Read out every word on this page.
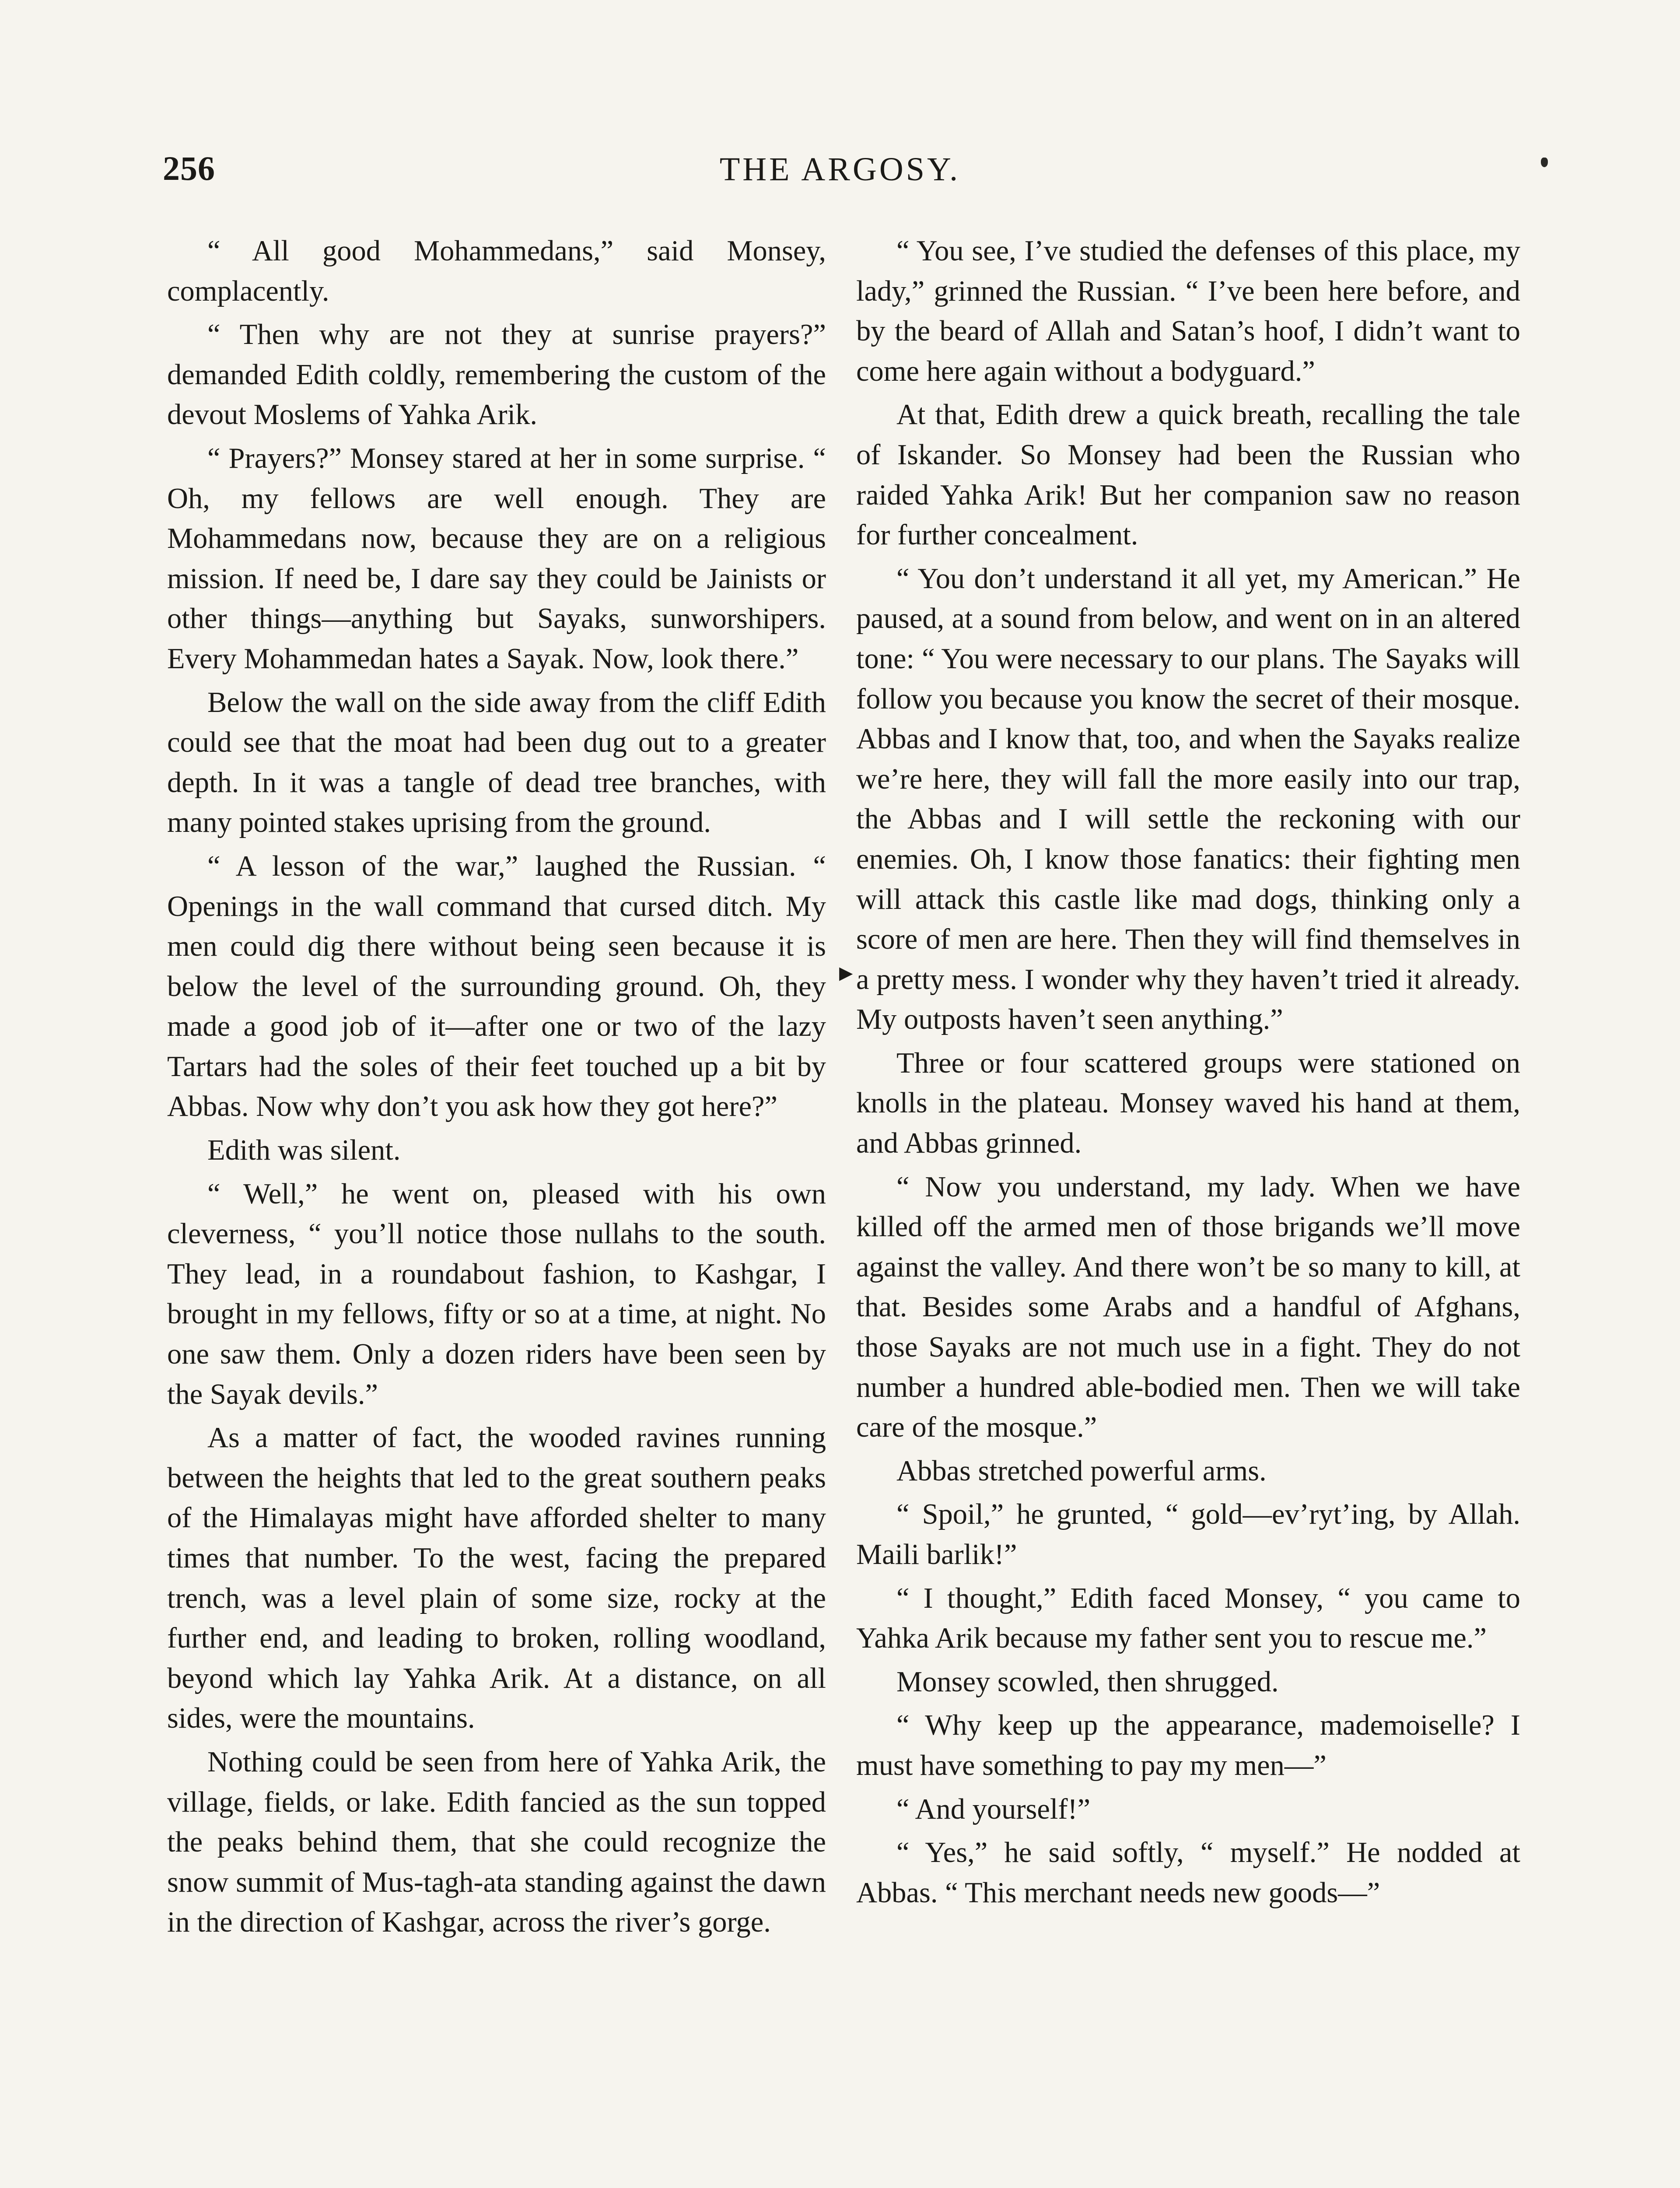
256	THE ARGOSY.

“ All good Mohammedans,” said Monsey, complacently.

“ Then why are not they at sunrise prayers?” demanded Edith coldly, remembering the custom of the devout Moslems of Yahka Arik.

“ Prayers?” Monsey stared at her in some surprise. “ Oh, my fellows are well enough. They are Mohammedans now, because they are on a religious mission. If need be, I dare say they could be Jainists or other things—anything but Sayaks, sunworshipers. Every Mohammedan hates a Sayak. Now, look there.”

Below the wall on the side away from the cliff Edith could see that the moat had been dug out to a greater depth. In it was a tangle of dead tree branches, with many pointed stakes uprising from the ground.

“ A lesson of the war,” laughed the Russian. “ Openings in the wall command that cursed ditch. My men could dig there without being seen because it is below the level of the surrounding ground. Oh, they made a good job of it—after one or two of the lazy Tartars had the soles of their feet touched up a bit by Abbas. Now why don’t you ask how they got here?”

Edith was silent.

“ Well,” he went on, pleased with his own cleverness, “ you’ll notice those nullahs to the south. They lead, in a roundabout fashion, to Kashgar, I brought in my fellows, fifty or so at a time, at night. No one saw them. Only a dozen riders have been seen by the Sayak devils.”

As a matter of fact, the wooded ravines running between the heights that led to the great southern peaks of the Himalayas might have afforded shelter to many times that number. To the west, facing the prepared trench, was a level plain of some size, rocky at the further end, and leading to broken, rolling woodland, beyond which lay Yahka Arik. At a distance, on all sides, were the mountains.

Nothing could be seen from here of Yahka Arik, the village, fields, or lake. Edith fancied as the sun topped the peaks behind them, that she could recognize the snow summit of Mus-tagh-ata standing against the dawn in the direction of Kashgar, across the river’s gorge.

►

“ You see, I’ve studied the defenses of this place, my lady,” grinned the Russian. “ I’ve been here before, and by the beard of Allah and Satan’s hoof, I didn’t want to come here again without a bodyguard.”

At that, Edith drew a quick breath, recalling the tale of Iskander. So Monsey had been the Russian who raided Yahka Arik! But her companion saw no reason for further concealment.

“ You don’t understand it all yet, my American.” He paused, at a sound from below, and went on in an altered tone: “ You were necessary to our plans. The Sayaks will follow you because you know the secret of their mosque. Abbas and I know that, too, and when the Sayaks realize we’re here, they will fall the more easily into our trap, the Abbas and I will settle the reckoning with our enemies. Oh, I know those fanatics: their fighting men will attack this castle like mad dogs, thinking only a score of men are here. Then they will find themselves in a pretty mess. I wonder why they haven’t tried it already. My outposts haven’t seen anything.”

Three or four scattered groups were stationed on knolls in the plateau. Monsey waved his hand at them, and Abbas grinned.

“ Now you understand, my lady. When we have killed off the armed men of those brigands we’ll move against the valley. And there won’t be so many to kill, at that. Besides some Arabs and a handful of Afghans, those Sayaks are not much use in a fight. They do not number a hundred able-bodied men. Then we will take care of the mosque.”

Abbas stretched powerful arms.

“ Spoil,” he grunted, “ gold—ev’ryt’ing, by Allah. Maili barlik!”

“ I thought,” Edith faced Monsey, “ you came to Yahka Arik because my father sent you to rescue me.”

Monsey scowled, then shrugged.

“ Why keep up the appearance, mademoiselle? I must have something to pay my men—”

“ And yourself!”

“ Yes,” he said softly, “ myself.” He nodded at Abbas. “ This merchant needs new goods—”
